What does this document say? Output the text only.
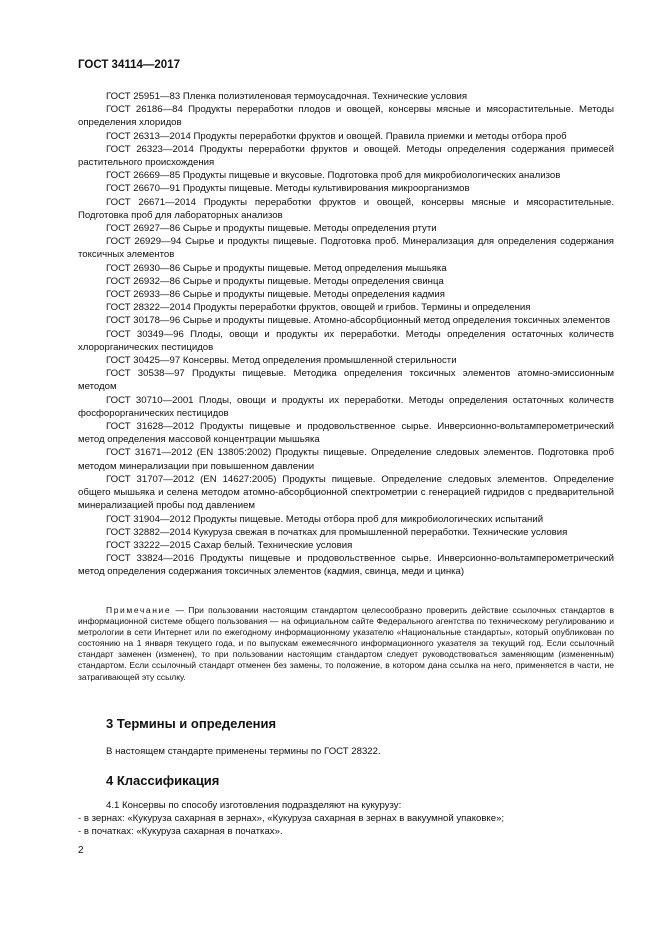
ГОСТ 34114—2017

ГОСТ 25951—83 Пленка полиэтиленовая термоусадочная. Технические условия

ГОСТ 26186—84 Продукты переработки плодов и овощей, консервы мясные и мясорастительные. Методы определения хлоридов

ГОСТ 26313—2014 Продукты переработки фруктов и овощей. Правила приемки и методы отбора проб

ГОСТ 26323—2014 Продукты переработки фруктов и овощей. Методы определения содержания примесей растительного происхождения

ГОСТ 26669—85 Продукты пищевые и вкусовые. Подготовка проб для микробиологических анализов

ГОСТ 26670—91 Продукты пищевые. Методы культивирования микроорганизмов

ГОСТ 26671—2014 Продукты переработки фруктов и овощей, консервы мясные и мясорастительные. Подготовка проб для лабораторных анализов

ГОСТ 26927—86 Сырье и продукты пищевые. Методы определения ртути

ГОСТ 26929—94 Сырье и продукты пищевые. Подготовка проб. Минерализация для определения содержания токсичных элементов

ГОСТ 26930—86 Сырье и продукты пищевые. Метод определения мышьяка

ГОСТ 26932—86 Сырье и продукты пищевые. Методы определения свинца

ГОСТ 26933—86 Сырье и продукты пищевые. Методы определения кадмия

ГОСТ 28322—2014 Продукты переработки фруктов, овощей и грибов. Термины и определения

ГОСТ 30178—96 Сырье и продукты пищевые. Атомно-абсорбционный метод определения токсичных элементов

ГОСТ 30349—96 Плоды, овощи и продукты их переработки. Методы определения остаточных количеств хлорорганических пестицидов

ГОСТ 30425—97 Консервы. Метод определения промышленной стерильности

ГОСТ 30538—97 Продукты пищевые. Методика определения токсичных элементов атомно-эмиссионным методом

ГОСТ 30710—2001 Плоды, овощи и продукты их переработки. Методы определения остаточных количеств фосфорорганических пестицидов

ГОСТ 31628—2012 Продукты пищевые и продовольственное сырье. Инверсионно-вольтамперометрический метод определения массовой концентрации мышьяка

ГОСТ 31671—2012 (EN 13805:2002) Продукты пищевые. Определение следовых элементов. Подготовка проб методом минерализации при повышенном давлении

ГОСТ 31707—2012 (EN 14627:2005) Продукты пищевые. Определение следовых элементов. Определение общего мышьяка и селена методом атомно-абсорбционной спектрометрии с генерацией гидридов с предварительной минерализацией пробы под давлением

ГОСТ 31904—2012 Продукты пищевые. Методы отбора проб для микробиологических испытаний

ГОСТ 32882—2014 Кукуруза свежая в початках для промышленной переработки. Технические условия

ГОСТ 33222—2015 Сахар белый. Технические условия

ГОСТ 33824—2016 Продукты пищевые и продовольственное сырье. Инверсионно-вольтамперометрический метод определения содержания токсичных элементов (кадмия, свинца, меди и цинка)

Примечание — При пользовании настоящим стандартом целесообразно проверить действие ссылочных стандартов в информационной системе общего пользования — на официальном сайте Федерального агентства по техническому регулированию и метрологии в сети Интернет или по ежегодному информационному указателю «Национальные стандарты», который опубликован по состоянию на 1 января текущего года, и по выпускам ежемесячного информационного указателя за текущий год. Если ссылочный стандарт заменен (изменен), то при пользовании настоящим стандартом следует руководствоваться заменяющим (измененным) стандартом. Если ссылочный стандарт отменен без замены, то положение, в котором дана ссылка на него, применяется в части, не затрагивающей эту ссылку.
3 Термины и определения
В настоящем стандарте применены термины по ГОСТ 28322.
4 Классификация

4.1 Консервы по способу изготовления подразделяют на кукурузу:

- в зернах: «Кукуруза сахарная в зернах», «Кукуруза сахарная в зернах в вакуумной упаковке»;

- в початках: «Кукуруза сахарная в початках».

2
